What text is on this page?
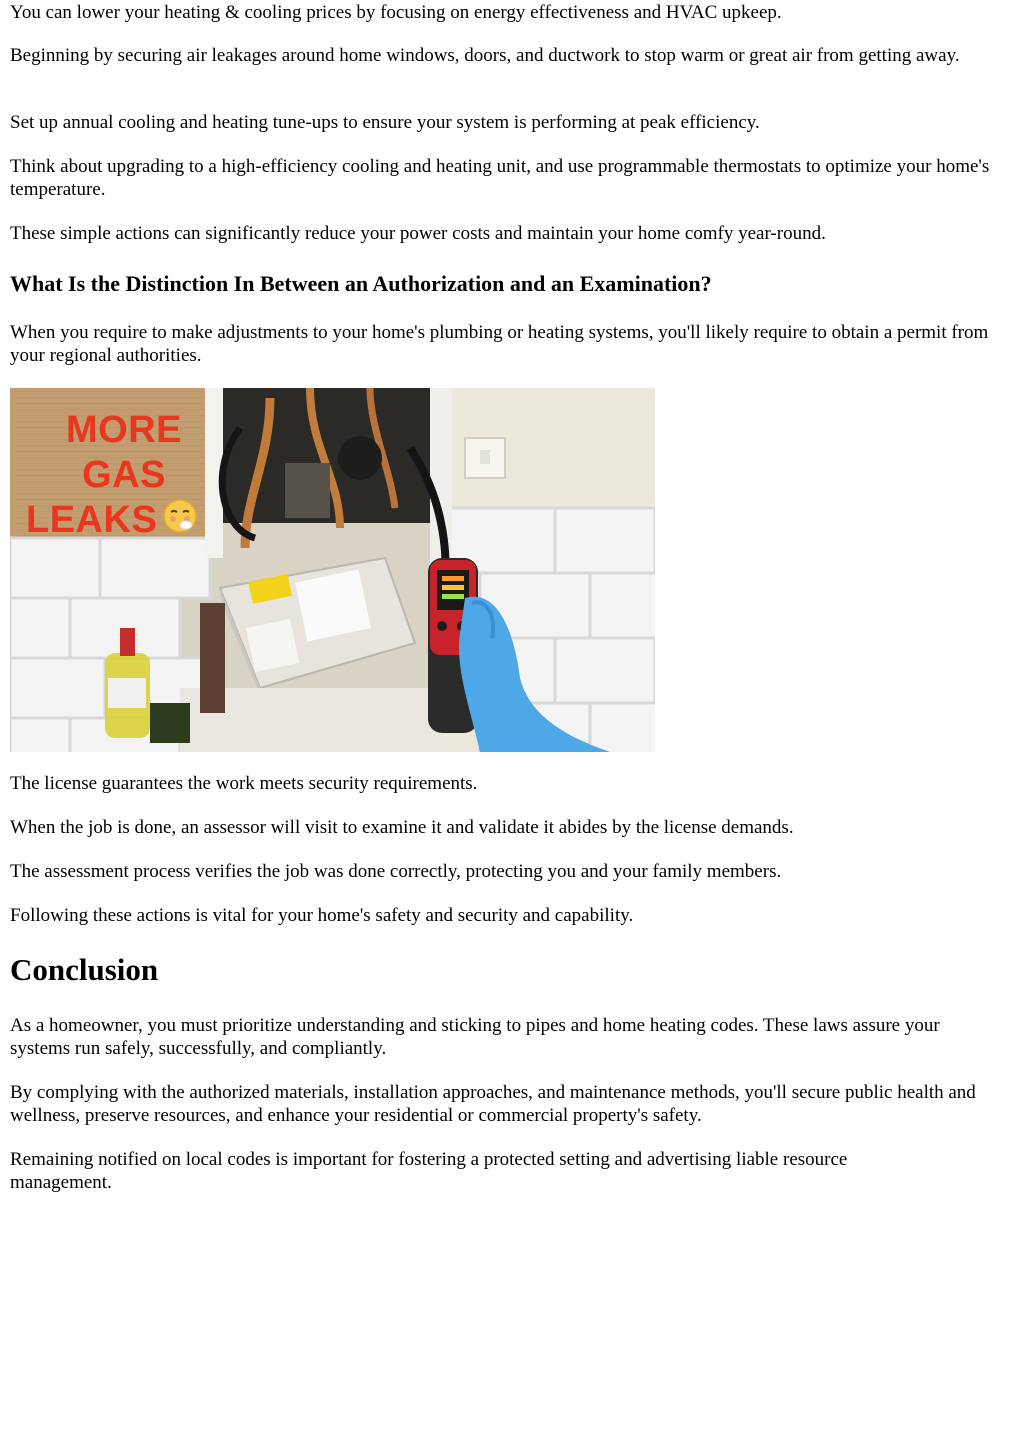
You can lower your heating & cooling prices by focusing on energy effectiveness and HVAC upkeep.

Beginning by securing air leakages around home windows, doors, and ductwork to stop warm or great air from getting away.

Set up annual cooling and heating tune-ups to ensure your system is performing at peak efficiency.

Think about upgrading to a high-efficiency cooling and heating unit, and use programmable thermostats to optimize your home's temperature.

These simple actions can significantly reduce your power costs and maintain your home comfy year-round.

What Is the Distinction In Between an Authorization and an Examination?

When you require to make adjustments to your home's plumbing or heating systems, you'll likely require to obtain a permit from your regional authorities.

MORE
GAS
LEAKS

The license guarantees the work meets security requirements.

When the job is done, an assessor will visit to examine it and validate it abides by the license demands.

The assessment process verifies the job was done correctly, protecting you and your family members.

Following these actions is vital for your home's safety and security and capability.

Conclusion

As a homeowner, you must prioritize understanding and sticking to pipes and home heating codes. These laws assure your systems run safely, successfully, and compliantly.

By complying with the authorized materials, installation approaches, and maintenance methods, you'll secure public health and wellness, preserve resources, and enhance your residential or commercial property's safety.

Remaining notified on local codes is important for fostering a protected setting and advertising liable resource management.
